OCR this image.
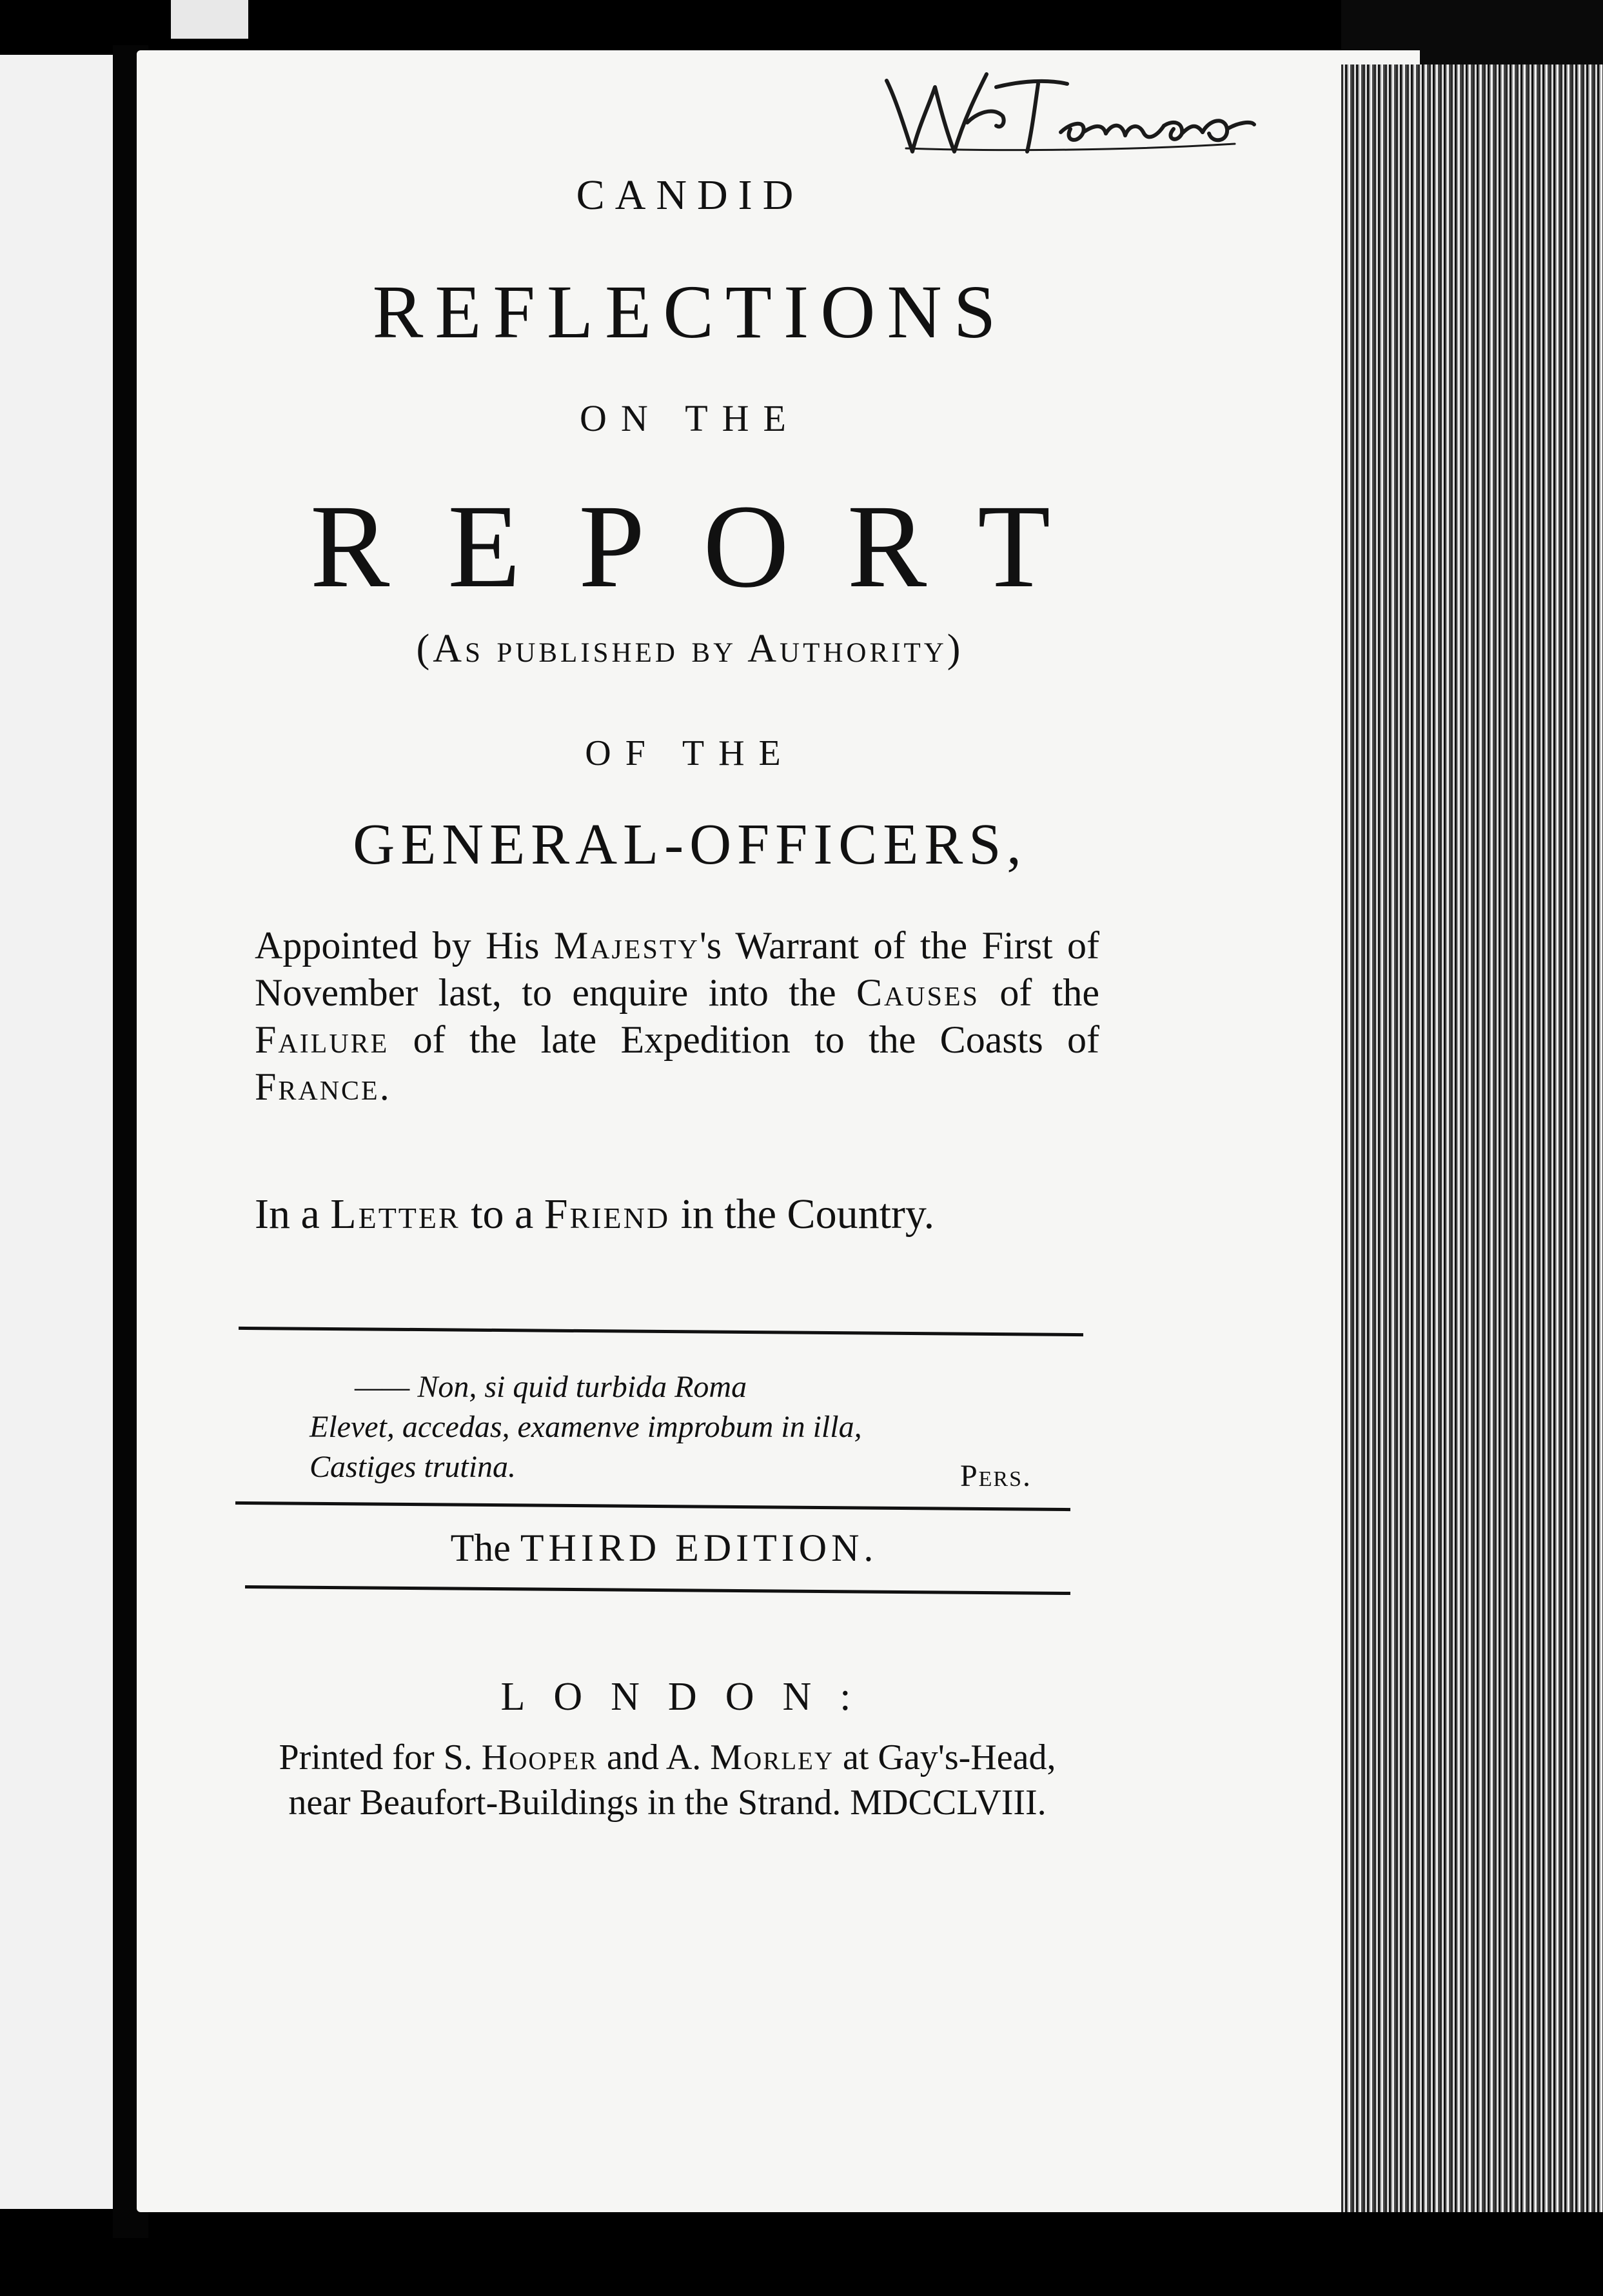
CANDID
REFLECTIONS
ON THE
REPORT
(As published by Authority)
OF THE
GENERAL-OFFICERS,
Appointed by His Majesty's Warrant of the First of November last, to enquire into the Causes of the Failure of the late Expedition to the Coasts of France.
In a Letter to a Friend in the Country.
—— Non, si quid turbida Roma
Elevet, accedas, examenve improbum in illa,
Castiges trutina.	Pers.
The THIRD EDITION.
LONDON:
Printed for S. Hooper and A. Morley at Gay's-Head,
near Beaufort-Buildings in the Strand. MDCCLVIII.
